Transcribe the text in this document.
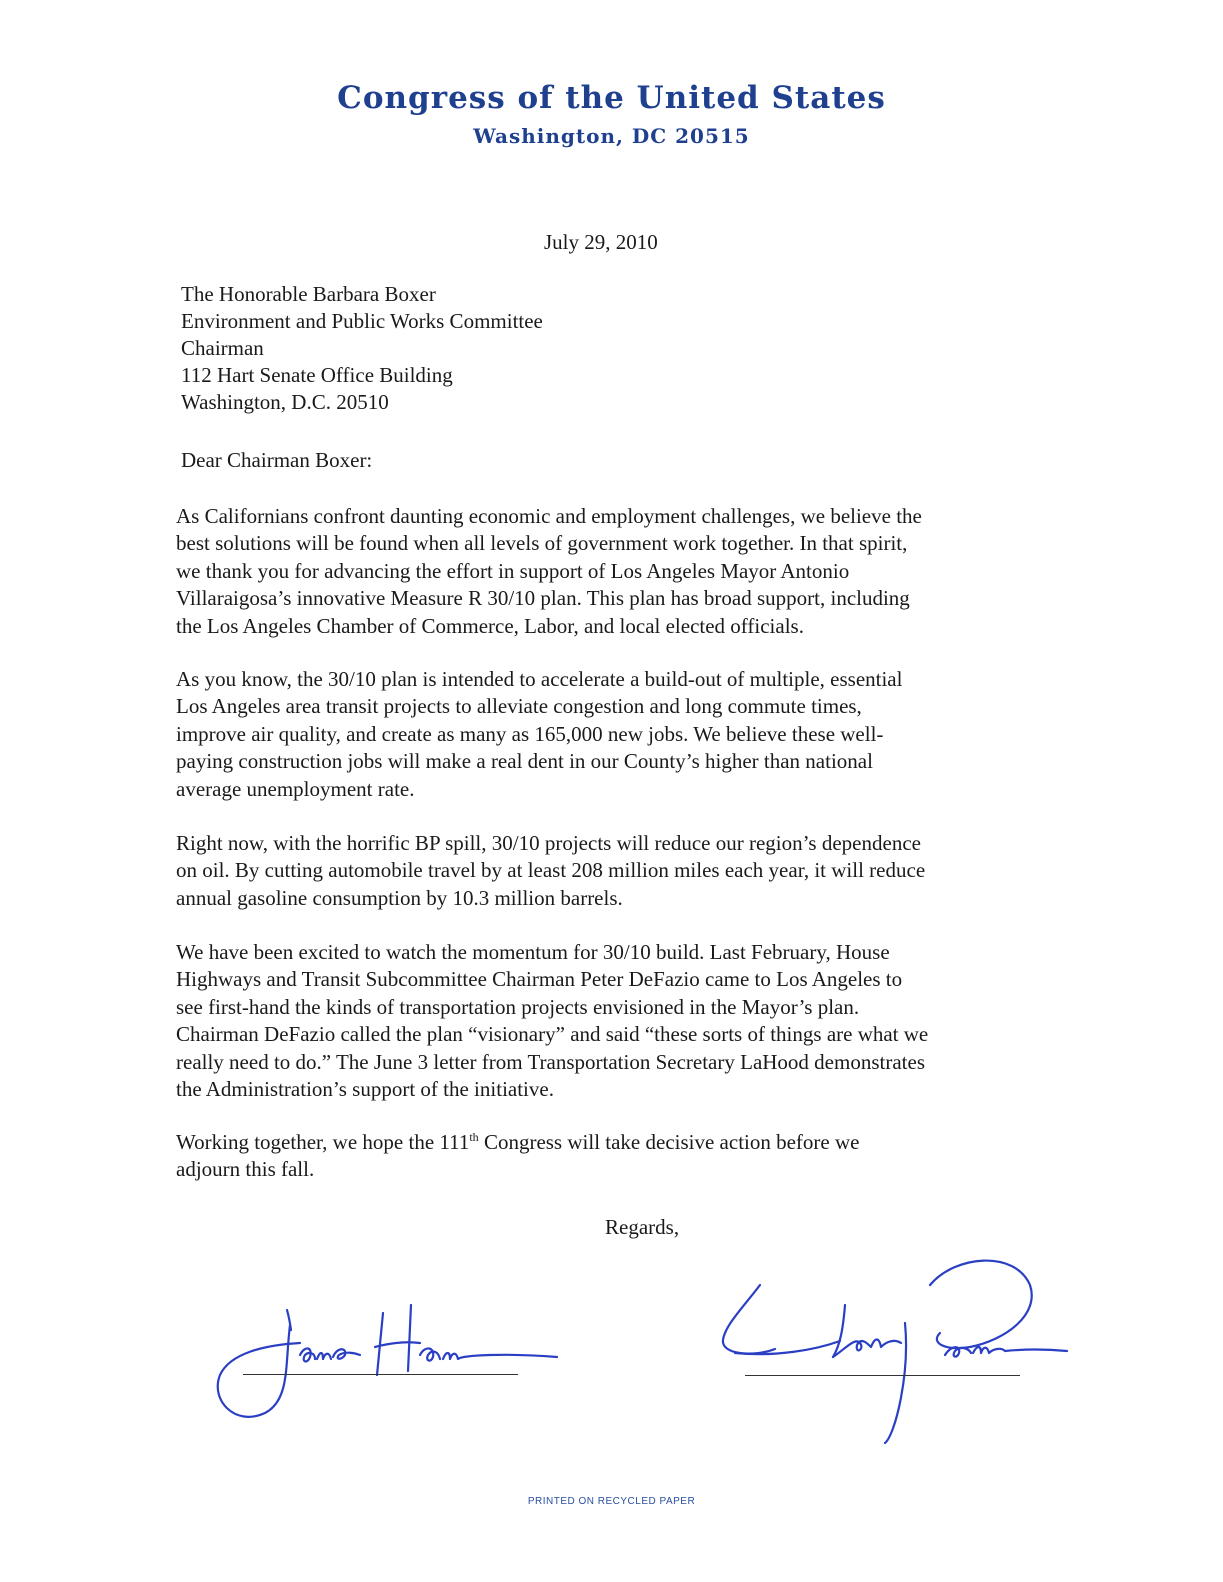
Congress of the United States
Washington, DC 20515
July 29, 2010
The Honorable Barbara Boxer
Environment and Public Works Committee
Chairman
112 Hart Senate Office Building
Washington, D.C. 20510
Dear Chairman Boxer:
As Californians confront daunting economic and employment challenges, we believe the
best solutions will be found when all levels of government work together. In that spirit,
we thank you for advancing the effort in support of Los Angeles Mayor Antonio
Villaraigosa’s innovative Measure R 30/10 plan. This plan has broad support, including
the Los Angeles Chamber of Commerce, Labor, and local elected officials.
As you know, the 30/10 plan is intended to accelerate a build-out of multiple, essential
Los Angeles area transit projects to alleviate congestion and long commute times,
improve air quality, and create as many as 165,000 new jobs. We believe these well-
paying construction jobs will make a real dent in our County’s higher than national
average unemployment rate.
Right now, with the horrific BP spill, 30/10 projects will reduce our region’s dependence
on oil. By cutting automobile travel by at least 208 million miles each year, it will reduce
annual gasoline consumption by 10.3 million barrels.
We have been excited to watch the momentum for 30/10 build. Last February, House
Highways and Transit Subcommittee Chairman Peter DeFazio came to Los Angeles to
see first-hand the kinds of transportation projects envisioned in the Mayor’s plan.
Chairman DeFazio called the plan “visionary” and said “these sorts of things are what we
really need to do.” The June 3 letter from Transportation Secretary LaHood demonstrates
the Administration’s support of the initiative.
Working together, we hope the 111th Congress will take decisive action before we
adjourn this fall.
Regards,
PRINTED ON RECYCLED PAPER
